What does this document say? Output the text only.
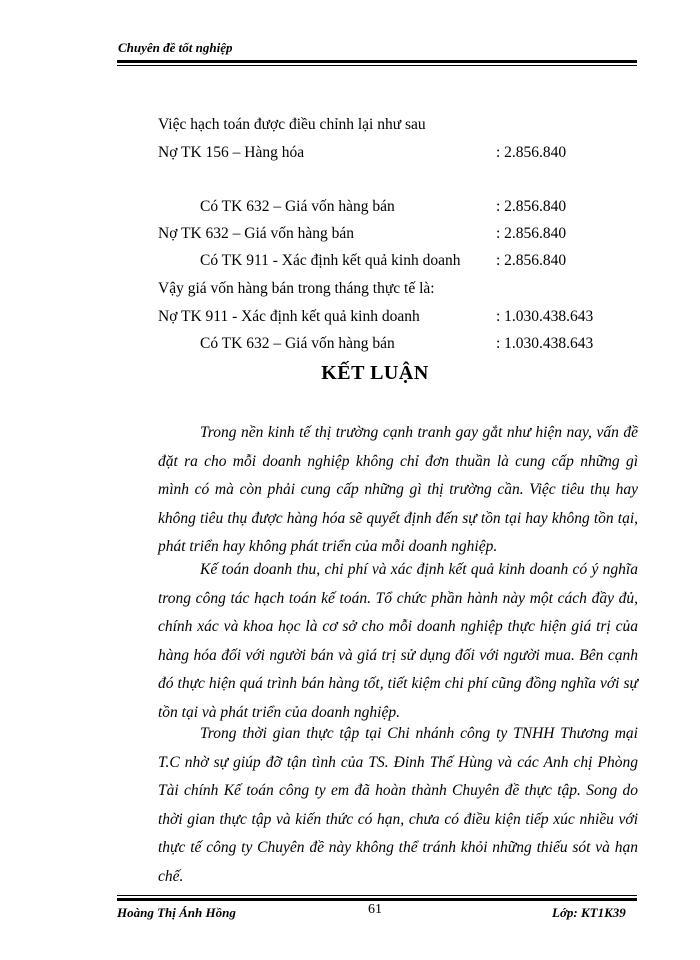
Chuyên đề tốt nghiệp
Việc hạch toán được điều chỉnh lại như sau
Nợ TK 156 – Hàng hóa	: 2.856.840
Có TK 632 – Giá vốn hàng bán	: 2.856.840
Nợ TK 632 – Giá vốn hàng bán	: 2.856.840
Có TK 911 - Xác định kết quả kinh doanh : 2.856.840
Vậy giá vốn hàng bán trong tháng thực tế là:
Nợ TK 911 - Xác định kết quả kinh doanh	: 1.030.438.643
Có TK 632 – Giá vốn hàng bán	: 1.030.438.643
KẾT LUẬN
Trong nền kinh tế thị trường cạnh tranh gay gắt như hiện nay, vấn đề đặt ra cho mỗi doanh nghiệp không chỉ đơn thuần là cung cấp những gì mình có mà còn phải cung cấp những gì thị trường cần. Việc tiêu thụ hay không tiêu thụ được hàng hóa sẽ quyết định đến sự tồn tại hay không tồn tại, phát triển hay không phát triển của mỗi doanh nghiệp.
Kế toán doanh thu, chi phí và xác định kết quả kinh doanh có ý nghĩa trong công tác hạch toán kế toán. Tổ chức phần hành này một cách đầy đủ, chính xác và khoa học là cơ sở cho mỗi doanh nghiệp thực hiện giá trị của hàng hóa đối với người bán và giá trị sử dụng đối với người mua. Bên cạnh đó thực hiện quá trình bán hàng tốt, tiết kiệm chi phí cũng đồng nghĩa với sự tồn tại và phát triển của doanh nghiệp.
Trong thời gian thực tập tại Chi nhánh công ty TNHH Thương mại T.C nhờ sự giúp đỡ tận tình của TS. Đinh Thế Hùng và các Anh chị Phòng Tài chính Kế toán công ty em đã hoàn thành Chuyên đề thực tập. Song do thời gian thực tập và kiến thức có hạn, chưa có điều kiện tiếp xúc nhiều với thực tế công ty Chuyên đề này không thể tránh khỏi những thiếu sót và hạn chế.
Hoàng Thị Ánh Hồng	61	Lớp: KT1K39
